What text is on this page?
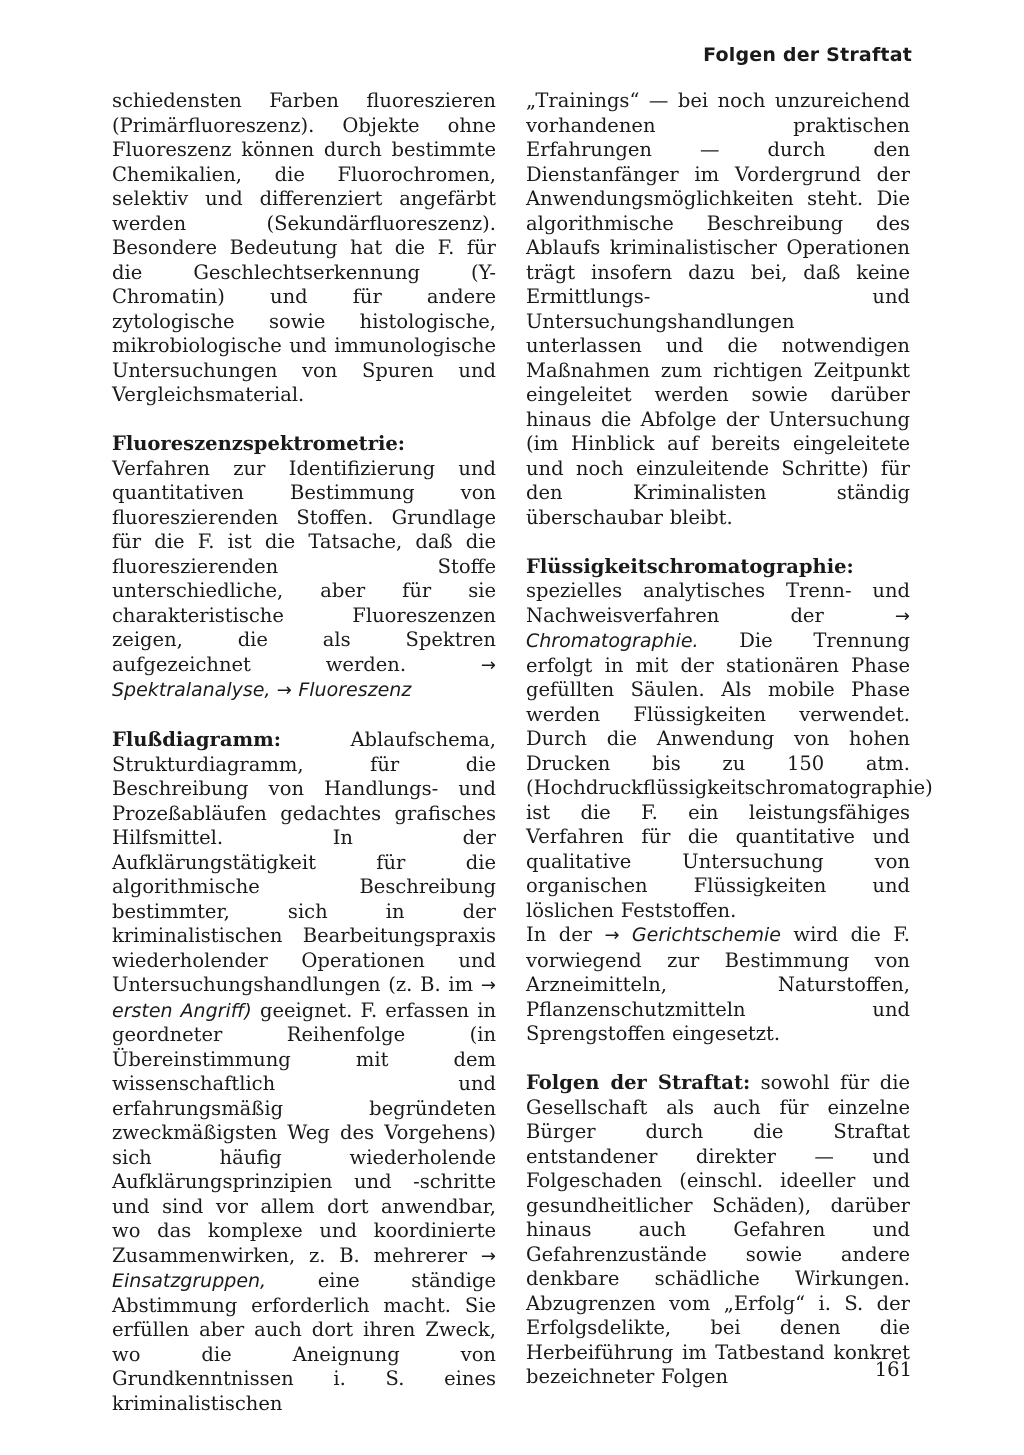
Folgen der Straftat

schiedensten Farben fluoreszieren (Primärfluoreszenz). Objekte ohne Fluoreszenz können durch bestimmte Chemikalien, die Fluorochromen, selektiv und differenziert angefärbt werden (Sekundärfluoreszenz). Besondere Bedeutung hat die F. für die Geschlechtserkennung (Y-Chromatin) und für andere zytologische sowie histologische, mikrobiologische und immunologische Untersuchungen von Spuren und Vergleichsmaterial.

Fluoreszenzspektrometrie: Verfahren zur Identifizierung und quantitativen Bestimmung von fluoreszierenden Stoffen. Grundlage für die F. ist die Tatsache, daß die fluoreszierenden Stoffe unterschiedliche, aber für sie charakteristische Fluoreszenzen zeigen, die als Spektren aufgezeichnet werden. → Spektralanalyse, → Fluoreszenz

Flußdiagramm: Ablaufschema, Strukturdiagramm, für die Beschreibung von Handlungs- und Prozeßabläufen gedachtes grafisches Hilfsmittel. In der Aufklärungstätigkeit für die algorithmische Beschreibung bestimmter, sich in der kriminalistischen Bearbeitungspraxis wiederholender Operationen und Untersuchungshandlungen (z. B. im → ersten Angriff) geeignet. F. erfassen in geordneter Reihenfolge (in Übereinstimmung mit dem wissenschaftlich und erfahrungsmäßig begründeten zweckmäßigsten Weg des Vorgehens) sich häufig wiederholende Aufklärungsprinzipien und -schritte und sind vor allem dort anwendbar, wo das komplexe und koordinierte Zusammenwirken, z. B. mehrerer → Einsatzgruppen, eine ständige Abstimmung erforderlich macht. Sie erfüllen aber auch dort ihren Zweck, wo die Aneignung von Grundkenntnissen i. S. eines kriminalistischen

„Trainings“ — bei noch unzureichend vorhandenen praktischen Erfahrungen — durch den Dienstanfänger im Vordergrund der Anwendungsmöglichkeiten steht. Die algorithmische Beschreibung des Ablaufs kriminalistischer Operationen trägt insofern dazu bei, daß keine Ermittlungs- und Untersuchungshandlungen unterlassen und die notwendigen Maßnahmen zum richtigen Zeitpunkt eingeleitet werden sowie darüber hinaus die Abfolge der Untersuchung (im Hinblick auf bereits eingeleitete und noch einzuleitende Schritte) für den Kriminalisten ständig überschaubar bleibt.

Flüssigkeitschromatographie: spezielles analytisches Trenn- und Nachweisverfahren der → Chromatographie. Die Trennung erfolgt in mit der stationären Phase gefüllten Säulen. Als mobile Phase werden Flüssigkeiten verwendet. Durch die Anwendung von hohen Drucken bis zu 150 atm. (Hochdruckflüssigkeitschromatographie) ist die F. ein leistungsfähiges Verfahren für die quantitative und qualitative Untersuchung von organischen Flüssigkeiten und löslichen Feststoffen.

In der → Gerichtschemie wird die F. vorwiegend zur Bestimmung von Arzneimitteln, Naturstoffen, Pflanzenschutzmitteln und Sprengstoffen eingesetzt.

Folgen der Straftat: sowohl für die Gesellschaft als auch für einzelne Bürger durch die Straftat entstandener direkter — und Folgeschaden (einschl. ideeller und gesundheitlicher Schäden), darüber hinaus auch Gefahren und Gefahrenzustände sowie andere denkbare schädliche Wirkungen. Abzugrenzen vom „Erfolg“ i. S. der Erfolgsdelikte, bei denen die Herbeiführung im Tatbestand konkret bezeichneter Folgen	161
